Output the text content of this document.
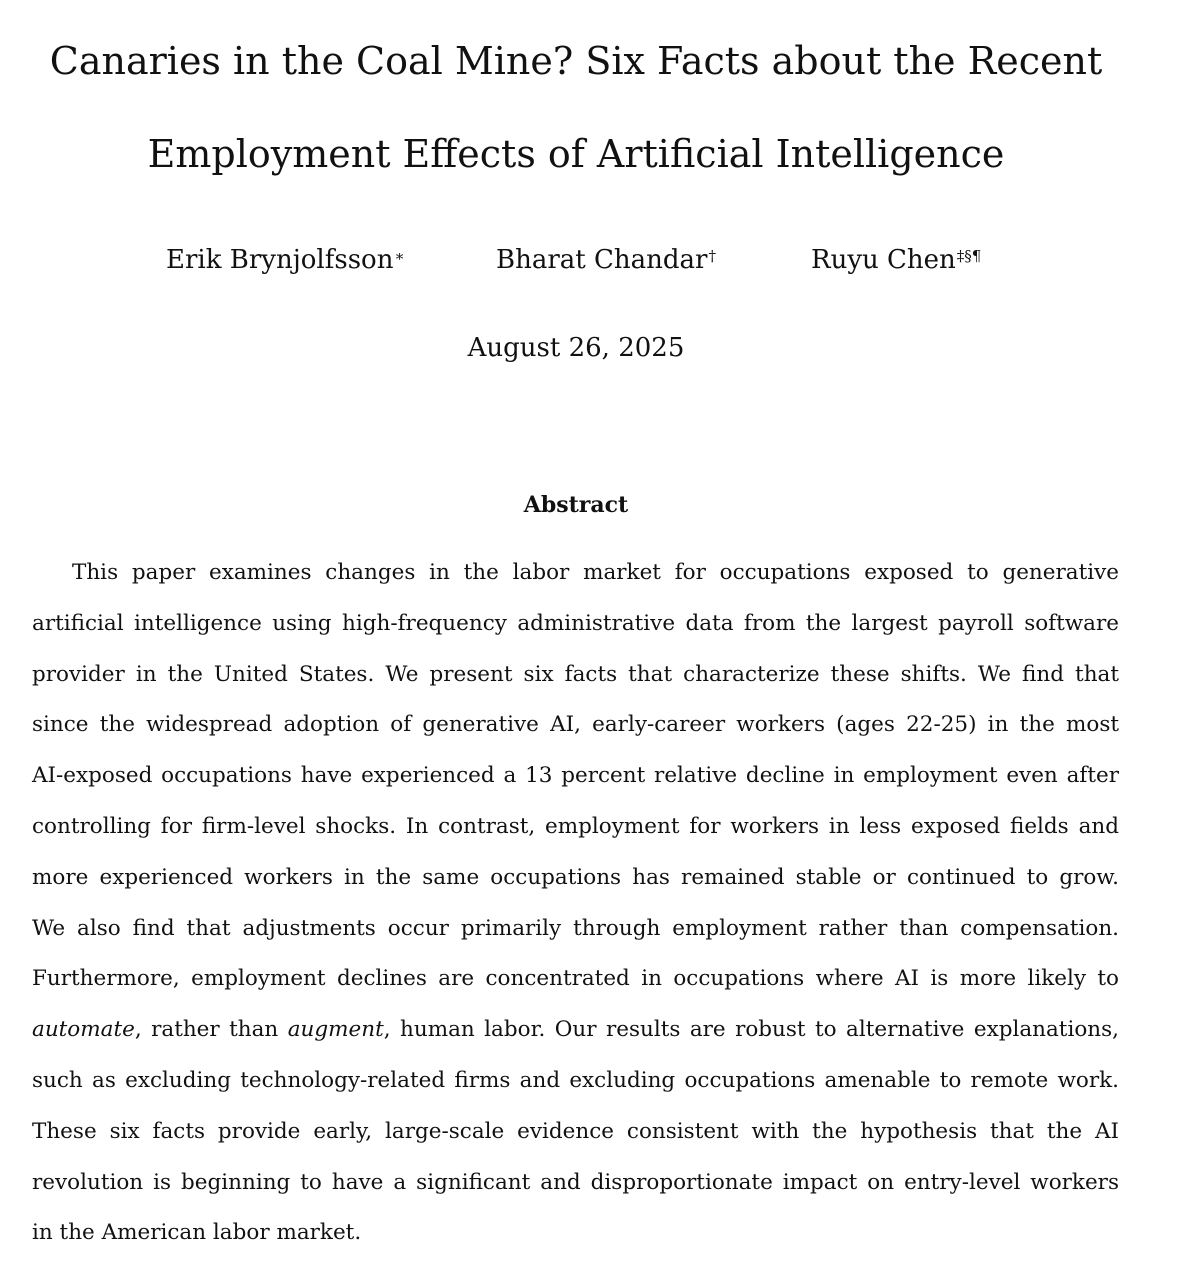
Canaries in the Coal Mine? Six Facts about the Recent
Employment Effects of Artificial Intelligence
Erik Brynjolfsson∗	Bharat Chandar†	Ruyu Chen‡§¶
August 26, 2025
Abstract
This paper examines changes in the labor market for occupations exposed to generative
artificial intelligence using high-frequency administrative data from the largest payroll software
provider in the United States. We present six facts that characterize these shifts. We find that
since the widespread adoption of generative AI, early-career workers (ages 22-25) in the most
AI-exposed occupations have experienced a 13 percent relative decline in employment even after
controlling for firm-level shocks. In contrast, employment for workers in less exposed fields and
more experienced workers in the same occupations has remained stable or continued to grow.
We also find that adjustments occur primarily through employment rather than compensation.
Furthermore, employment declines are concentrated in occupations where AI is more likely to
automate, rather than augment, human labor. Our results are robust to alternative explanations,
such as excluding technology-related firms and excluding occupations amenable to remote work.
These six facts provide early, large-scale evidence consistent with the hypothesis that the AI
revolution is beginning to have a significant and disproportionate impact on entry-level workers
in the American labor market.
